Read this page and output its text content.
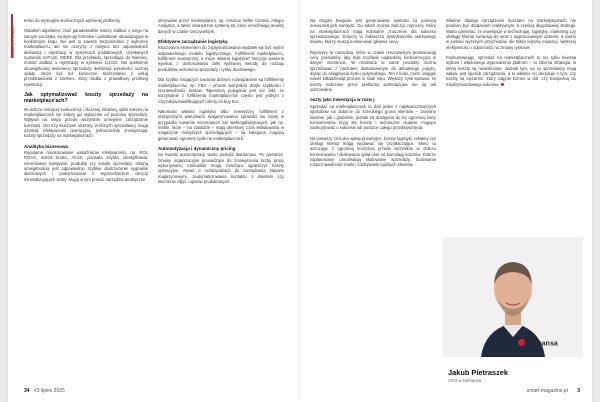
MODA FIRMA

treści do wymogów technicznych wybranej platformy.

Ostatnim aspektem, choć paradoksalnie należy zadbać o niego na samym początku, są wymogi formalne i podatkowe obowiązujące w konkretnym kraju. Nie jest to zawsze bezpośrednio z wyborem marketplace'u, ale nie ruszymy z miejsca bez odpowiednich deklaracji i rejestracji w systemach podatkowych, uzyskanych numerów VAT-UE, WEEE. Dla przykładu, sprzedając do Niemiec, musisz zadbać o rejestrację w systemie LUCID. Nie spełnienie obowiązkowej wolumenu sprzedaży deklaracji wysokości rocznej opłaty. Może być też konieczne skorzystanie z usług przedstawiciela z Niemiec, który zadba o prawidłowy przebieg rejestracji.

Jak optymalizować koszty sprzedaży na marketplace'ach?

W obliczu rosnącej konkurencji i złożonej struktury opłat sukces na marketplace'ach nie zależy już wyłącznie od poziomu sprzedaży. Wpływa na niego przede wszystkim umiejętne zarządzanie kosztami. Oto trzy kluczowe obszary, w których sprzedawcy mogą uzyskać efektywność operacyjną, jednocześnie zmniejszając koszty sprzedaży na marketplace'ach.

Analityka biznesowa

Regularne monitorowanie wskaźników efektywności, np. ROI, ROAS, marża brutto, ACoS, pozwala szybko identyfikować nierentowne kampanie, produkty czy kanały sprzedaży. Istotną umiejętnością jest odpowiednio szybkie dostrzeżenie sygnałów alarmowych i podejmowanie z wyprzedzeniem decyzji minimalizujących straty. Mogą w tym pomóc narzędzia analityczne

oferowane przez marketplace'y, np. Amazon Seller Central, Allegro Analytics, a także zewnętrzne systemy BI, które umożliwiają analizę danych w czasie rzeczywistym.

Efektywne zarządzanie logistyką

Kluczowym elementem do zoptymalizowania wydatek się być wybór odpowiedniego modelu logistycznego. Fulfillment marketplace'u, fulfillment zewnętrzny, a może własna logistyka? Decyzja powinna wynikać z dostosowania zalet wybranej metody do rodzaju produktów, wolumenu sprzedaży i rynku docelowego.

Dla szybko rotujących towarów dobrym rozwiązaniem są fulfillmenty marketplace'ów, np. FBA – przede wszystkim dzięki szybkości i niezawodności dostaw. Tajemnicą polegania jest też fakt, że korzystanie z fulfilmentu marketplace'ów często jest jednym z czynników kwalifikujących oferty do buy box.

Natomiast własna logistyka albo zewnętrzny fulfillment z elastycznymi warunkami magazynowania sprawdzi się lepiej w przypadku towarów sezonowych lub wielkogabarytowych, jak np. meble, które – na zasadzie – mają określony czas składowania w magazynie mniejszych sprzedających – są kategoria mogącą generować ogromne zyski na marketplace'ach.

Automatyzacja i dynamiczny pricing

Do kwestii automatyzacji warto podejść dwutorowo. Po pierwsze, zmiany organizacyjne prowadzące do zmniejszenia liczby pracy wykonywanej manualnie mogą znacząco ograniczyć koszty operacyjne. Mowa o rozwiązaniach do zarządzania stanami magazynowymi, zautomatyzowania kontaktu z klientem czy tworzenia zdjęć i opisów produktowych.

34 #3 lipiec 2025

Na drugim biegunie jest generowanie wartości za pomocą nowoczesnych narzędzi. Do takich można zaliczyć repricery. Które na marketplace'ach mają kolosalne znaczenie dla sukcesu sprzedażowego. Dotyczy to zwłaszcza dystrybutorów markowego towaru, którzy muszą konkurować głównie ceną.

Repricery to narzędzia, które w czasie rzeczywistym dostosowują ceny produktów, aby była możliwie najbardziej konkurencyjna w danym momencie. W rezultacie te same produkty można sprzedawać z narzutem dostosowanym do aktualnego popytu, dążąc do osiągnięcia zysku optymalnego. Ten z kolei, może osiągać nawet kilkadziesiąt procent w skali roku. Większy zysk sprawia, że koszty naliczane przez platformy sprzedażowe nie są tak odczuwalne.

oszty jako inwestycja w rozw j

Sprzedaż na marketplace'ach to dziś jeden z najskuteczniejszych sposobów na dotarcie do szerokiego grona klientów – zarówno lokalnie, jak i globalnie, jednak za dostępem do tej ogromnej bazy konsumentów kryją się koszty i techniczne niuanse mogące zadecydować o sukcesie lub porażce całego przedsięwzięcia.

Na pierwszy rzut oka opłaty prowizyjne, koszty logistyki, reklamy czy obsługi klienta mogą wydawać się przytłaczające. Mimo to wrzucając z ogromną korzyścią przede wszystkim w obliczu kontrolowania i skalowania opłat oraz od kumulacji kosztów. Dobrze zaplanowane umożliwiają skalowanie sprzedaży, budowanie rozpoznawalności marki i zdobywanie lojalnych klientów.

Właśnie dlatego zarządzanie kosztami na marketplace'ach nie powinno być działaniem reaktywnym, a częścią długofalowej strategii. Warto pamiętać, że inwestycje w technologię, logistykę, marketing czy obsługę klienta zwracają się wraz z wypracowanym czasem, a rowno w postaci wyższych przychodów, ale także lepszej reputacji, większej efektywności i odporności na zmiany rynkowe.

Podsumowując, sprzedaż na marketplace'ach to nie tylko kwestia wyboru i właściwego wyposażenia platform – to zbiorna strategia, w której koszty są nieuniknione. Jednak tym, na co sprzedawcy mają wpływ, jest sposób zarządzania, a to właśnie on decyduje o tym, czy koszty są ciężarem, który ciągnie biznes w dół, czy trampoliną do międzynarodowego sukcesu.

nethansa
Jakub Pietraszek
CEO w Nethansa
smart-magazine.pl 3
